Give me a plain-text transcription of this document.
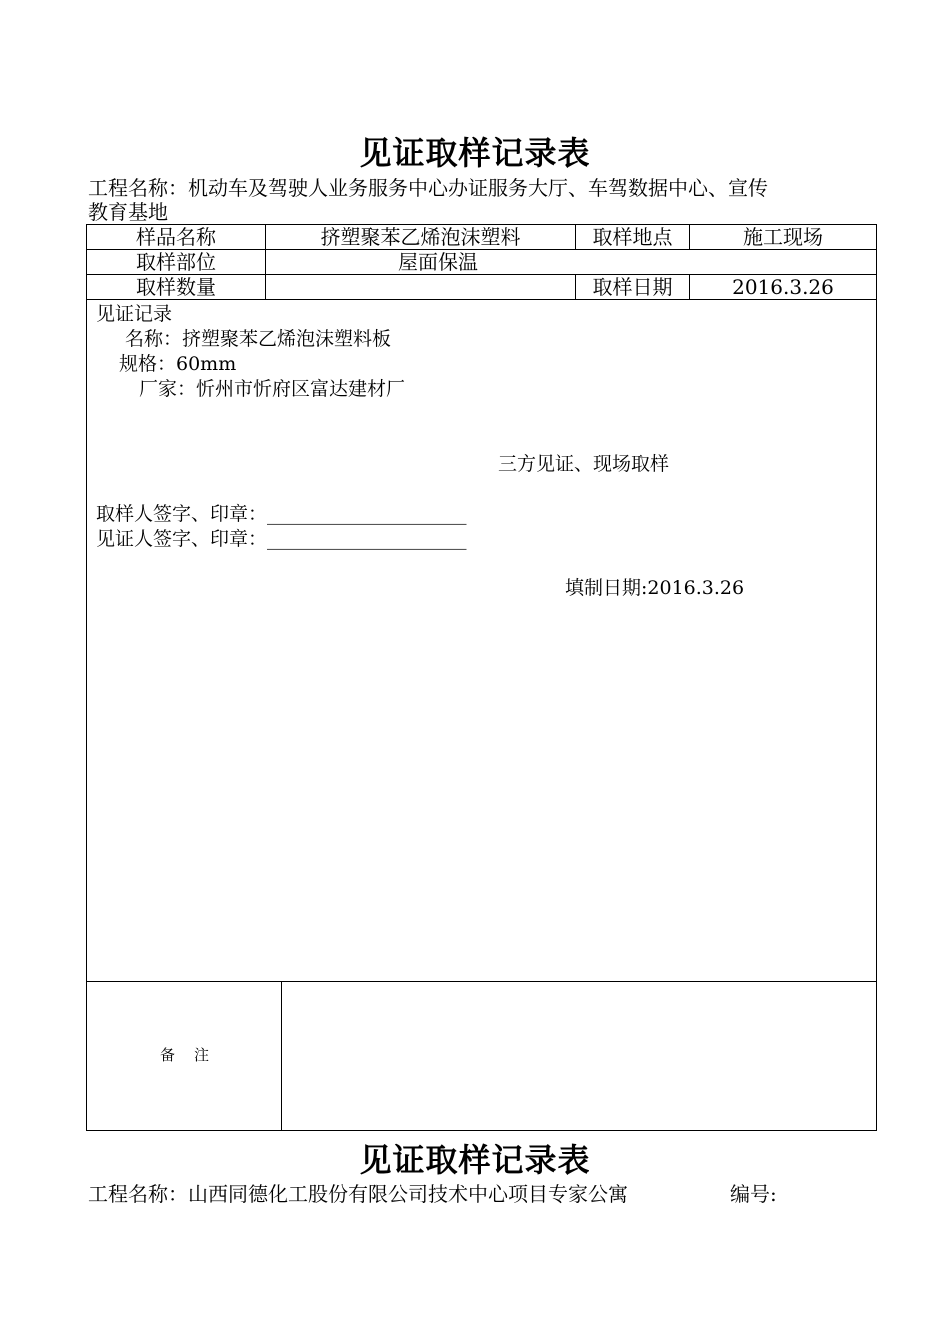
见证取样记录表
工程名称：机动车及驾驶人业务服务中心办证服务大厅、车驾数据中心、宣传
教育基地
样品名称	挤塑聚苯乙烯泡沫塑料	取样地点	施工现场
取样部位	屋面保温		
取样数量		取样日期	2016.3.26
见证记录
名称：挤塑聚苯乙烯泡沫塑料板
规格：60mm
厂家：忻州市忻府区富达建材厂
三方见证、现场取样
取样人签字、印章：_____________________
见证人签字、印章：_____________________
填制日期:2016.3.26
备    注
见证取样记录表
工程名称：山西同德化工股份有限公司技术中心项目专家公寓	编号:
